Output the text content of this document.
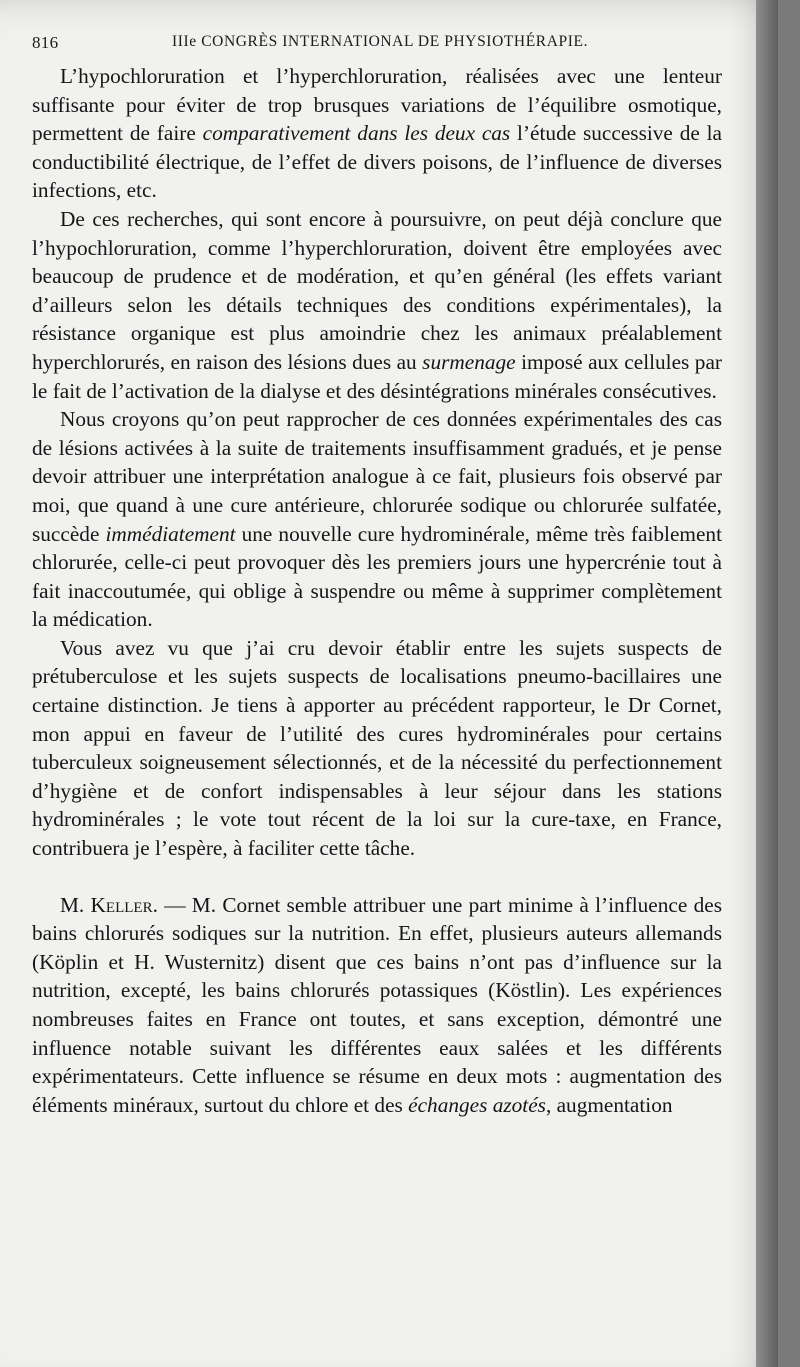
816	IIIe CONGRÈS INTERNATIONAL DE PHYSIOTHÉRAPIE.

L’hypochloruration et l’hyperchloruration, réalisées avec une lenteur suffisante pour éviter de trop brusques variations de l’équilibre osmotique, permettent de faire comparativement dans les deux cas l’étude successive de la conductibilité électrique, de l’effet de divers poisons, de l’influence de diverses infections, etc.

De ces recherches, qui sont encore à poursuivre, on peut déjà conclure que l’hypochloruration, comme l’hyperchloruration, doivent être employées avec beaucoup de prudence et de modération, et qu’en général (les effets variant d’ailleurs selon les détails techniques des conditions expérimentales), la résistance organique est plus amoindrie chez les animaux préalablement hyperchlorurés, en raison des lésions dues au surmenage imposé aux cellules par le fait de l’activation de la dialyse et des désintégrations minérales consécutives.

Nous croyons qu’on peut rapprocher de ces données expérimentales des cas de lésions activées à la suite de traitements insuffisamment gradués, et je pense devoir attribuer une interprétation analogue à ce fait, plusieurs fois observé par moi, que quand à une cure antérieure, chlorurée sodique ou chlorurée sulfatée, succède immédiatement une nouvelle cure hydrominérale, même très faiblement chlorurée, celle-ci peut provoquer dès les premiers jours une hypercrénie tout à fait inaccoutumée, qui oblige à suspendre ou même à supprimer complètement la médication.

Vous avez vu que j’ai cru devoir établir entre les sujets suspects de prétuberculose et les sujets suspects de localisations pneumo-bacillaires une certaine distinction. Je tiens à apporter au précédent rapporteur, le Dr Cornet, mon appui en faveur de l’utilité des cures hydrominérales pour certains tuberculeux soigneusement sélectionnés, et de la nécessité du perfectionnement d’hygiène et de confort indispensables à leur séjour dans les stations hydrominérales ; le vote tout récent de la loi sur la cure-taxe, en France, contribuera je l’espère, à faciliter cette tâche.

M. Keller. — M. Cornet semble attribuer une part minime à l’influence des bains chlorurés sodiques sur la nutrition. En effet, plusieurs auteurs allemands (Köplin et H. Wusternitz) disent que ces bains n’ont pas d’influence sur la nutrition, excepté, les bains chlorurés potassiques (Köstlin). Les expériences nombreuses faites en France ont toutes, et sans exception, démontré une influence notable suivant les différentes eaux salées et les différents expérimentateurs. Cette influence se résume en deux mots : augmentation des éléments minéraux, surtout du chlore et des échanges azotés, augmentation
